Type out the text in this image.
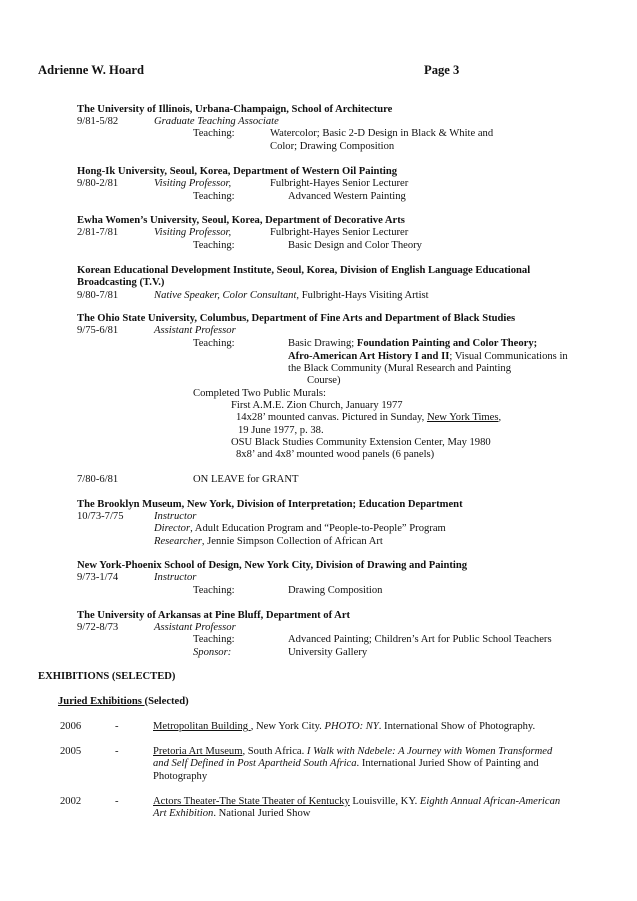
Adrienne W. Hoard	Page 3
The University of Illinois, Urbana-Champaign, School of Architecture
9/81-5/82	Graduate Teaching Associate
Teaching:	Watercolor; Basic 2-D Design in Black & White and
Color; Drawing Composition
Hong-Ik University, Seoul, Korea, Department of Western Oil Painting
9/80-2/81	Visiting Professor,	Fulbright-Hayes Senior Lecturer
Teaching:	Advanced Western Painting
Ewha Women’s University, Seoul, Korea, Department of Decorative Arts
2/81-7/81	Visiting Professor,	Fulbright-Hayes Senior Lecturer
Teaching:	Basic Design and Color Theory
Korean Educational Development Institute, Seoul, Korea, Division of English Language Educational
Broadcasting (T.V.)
9/80-7/81	Native Speaker, Color Consultant, Fulbright-Hays Visiting Artist
The Ohio State University, Columbus, Department of Fine Arts and Department of Black Studies
9/75-6/81	Assistant Professor
Teaching:	Basic Drawing; Foundation Painting and Color Theory;
Afro-American Art History I and II; Visual Communications in
the Black Community (Mural Research and Painting
Course)
Completed Two Public Murals:
First A.M.E. Zion Church, January 1977
14x28’ mounted canvas. Pictured in Sunday, New York Times,
19 June 1977, p. 38.
OSU Black Studies Community Extension Center, May 1980
8x8’ and 4x8’ mounted wood panels (6 panels)
7/80-6/81	ON LEAVE for GRANT
The Brooklyn Museum, New York, Division of Interpretation; Education Department
10/73-7/75	Instructor
Director, Adult Education Program and “People-to-People” Program
Researcher, Jennie Simpson Collection of African Art
New York-Phoenix School of Design, New York City, Division of Drawing and Painting
9/73-1/74	Instructor
Teaching:	Drawing Composition
The University of Arkansas at Pine Bluff, Department of Art
9/72-8/73	Assistant Professor
Teaching:	Advanced Painting; Children’s Art for Public School Teachers
Sponsor:	University Gallery
EXHIBITIONS (SELECTED)
Juried Exhibitions (Selected)
2006	-	Metropolitan Building , New York City. PHOTO: NY. International Show of Photography.
2005	-	Pretoria Art Museum, South Africa. I Walk with Ndebele: A Journey with Women Transformed
and Self Defined in Post Apartheid South Africa. International Juried Show of Painting and
Photography
2002	-	Actors Theater-The State Theater of Kentucky Louisville, KY. Eighth Annual African-American
Art Exhibition. National Juried Show
